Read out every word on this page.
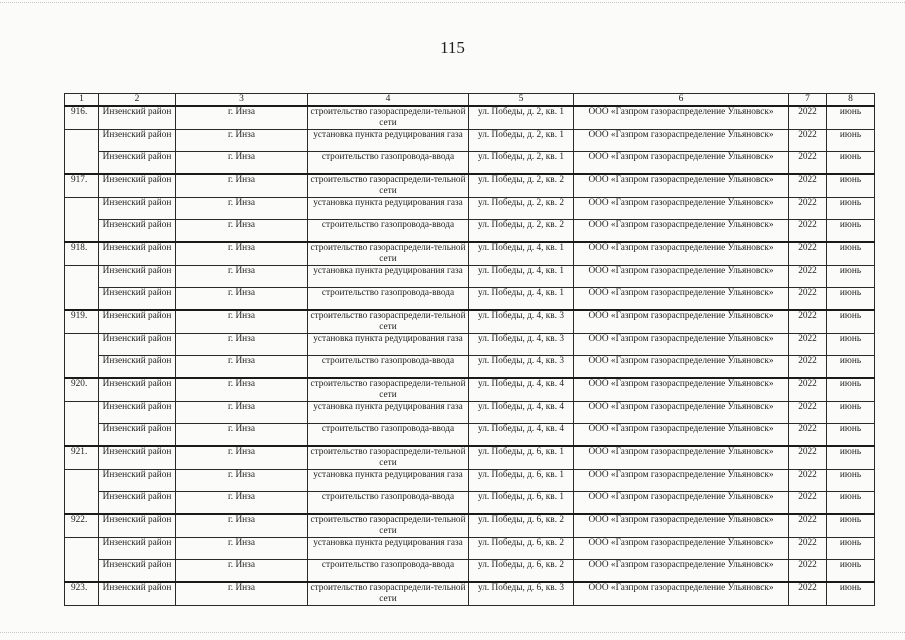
115
1	2	3	4	5	6	7	8
916.	Инзенский район	г. Инза	строительство газораспредели-тельной сети	ул. Победы, д. 2, кв. 1	ООО «Газпром газораспределение Ульяновск»	2022	июнь
	Инзенский район	г. Инза	установка пункта редуцирования газа	ул. Победы, д. 2, кв. 1	ООО «Газпром газораспределение Ульяновск»	2022	июнь
	Инзенский район	г. Инза	строительство газопровода-ввода	ул. Победы, д. 2, кв. 1	ООО «Газпром газораспределение Ульяновск»	2022	июнь
917.	Инзенский район	г. Инза	строительство газораспредели-тельной сети	ул. Победы, д. 2, кв. 2	ООО «Газпром газораспределение Ульяновск»	2022	июнь
	Инзенский район	г. Инза	установка пункта редуцирования газа	ул. Победы, д. 2, кв. 2	ООО «Газпром газораспределение Ульяновск»	2022	июнь
	Инзенский район	г. Инза	строительство газопровода-ввода	ул. Победы, д. 2, кв. 2	ООО «Газпром газораспределение Ульяновск»	2022	июнь
918.	Инзенский район	г. Инза	строительство газораспредели-тельной сети	ул. Победы, д. 4, кв. 1	ООО «Газпром газораспределение Ульяновск»	2022	июнь
	Инзенский район	г. Инза	установка пункта редуцирования газа	ул. Победы, д. 4, кв. 1	ООО «Газпром газораспределение Ульяновск»	2022	июнь
	Инзенский район	г. Инза	строительство газопровода-ввода	ул. Победы, д. 4, кв. 1	ООО «Газпром газораспределение Ульяновск»	2022	июнь
919.	Инзенский район	г. Инза	строительство газораспредели-тельной сети	ул. Победы, д. 4, кв. 3	ООО «Газпром газораспределение Ульяновск»	2022	июнь
	Инзенский район	г. Инза	установка пункта редуцирования газа	ул. Победы, д. 4, кв. 3	ООО «Газпром газораспределение Ульяновск»	2022	июнь
	Инзенский район	г. Инза	строительство газопровода-ввода	ул. Победы, д. 4, кв. 3	ООО «Газпром газораспределение Ульяновск»	2022	июнь
920.	Инзенский район	г. Инза	строительство газораспредели-тельной сети	ул. Победы, д. 4, кв. 4	ООО «Газпром газораспределение Ульяновск»	2022	июнь
	Инзенский район	г. Инза	установка пункта редуцирования газа	ул. Победы, д. 4, кв. 4	ООО «Газпром газораспределение Ульяновск»	2022	июнь
	Инзенский район	г. Инза	строительство газопровода-ввода	ул. Победы, д. 4, кв. 4	ООО «Газпром газораспределение Ульяновск»	2022	июнь
921.	Инзенский район	г. Инза	строительство газораспредели-тельной сети	ул. Победы, д. 6, кв. 1	ООО «Газпром газораспределение Ульяновск»	2022	июнь
	Инзенский район	г. Инза	установка пункта редуцирования газа	ул. Победы, д. 6, кв. 1	ООО «Газпром газораспределение Ульяновск»	2022	июнь
	Инзенский район	г. Инза	строительство газопровода-ввода	ул. Победы, д. 6, кв. 1	ООО «Газпром газораспределение Ульяновск»	2022	июнь
922.	Инзенский район	г. Инза	строительство газораспредели-тельной сети	ул. Победы, д. 6, кв. 2	ООО «Газпром газораспределение Ульяновск»	2022	июнь
	Инзенский район	г. Инза	установка пункта редуцирования газа	ул. Победы, д. 6, кв. 2	ООО «Газпром газораспределение Ульяновск»	2022	июнь
	Инзенский район	г. Инза	строительство газопровода-ввода	ул. Победы, д. 6, кв. 2	ООО «Газпром газораспределение Ульяновск»	2022	июнь
923.	Инзенский район	г. Инза	строительство газораспредели-тельной сети	ул. Победы, д. 6, кв. 3	ООО «Газпром газораспределение Ульяновск»	2022	июнь
